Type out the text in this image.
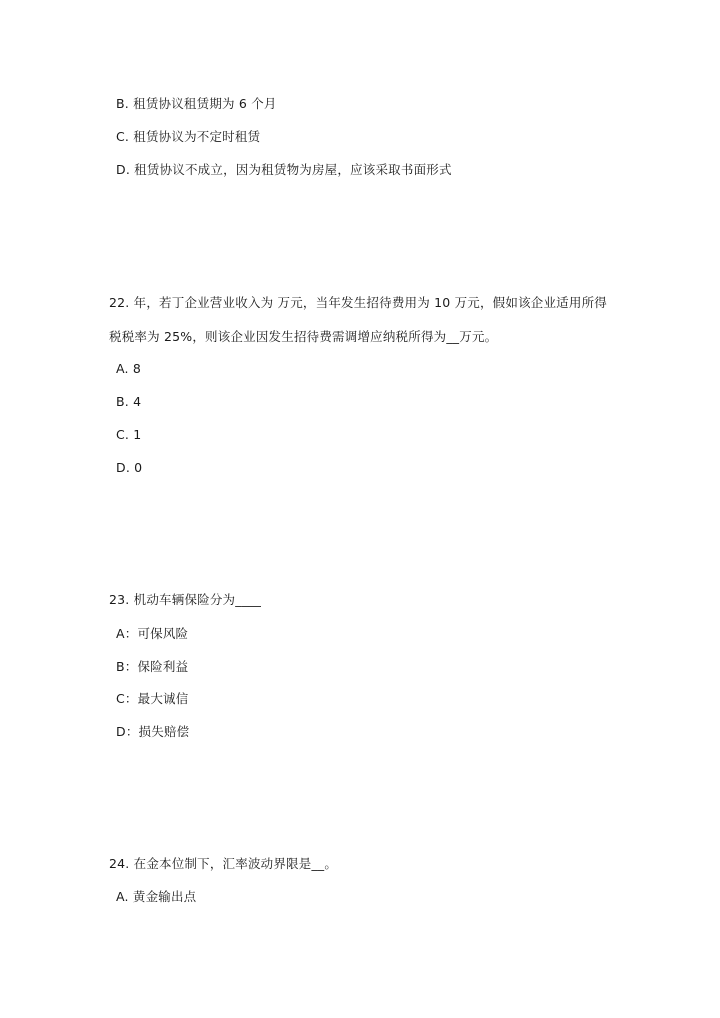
B. 租赁协议租赁期为 6 个月
C. 租赁协议为不定时租赁
D. 租赁协议不成立，因为租赁物为房屋，应该采取书面形式
22. 年，若丁企业营业收入为 万元，当年发生招待费用为 10 万元，假如该企业适用所得
税税率为 25%，则该企业因发生招待费需调增应纳税所得为__万元。
A. 8
B. 4
C. 1
D. 0
23. 机动车辆保险分为____
A：可保风险
B：保险利益
C：最大诚信
D：损失赔偿
24. 在金本位制下，汇率波动界限是__。
A. 黄金输出点
